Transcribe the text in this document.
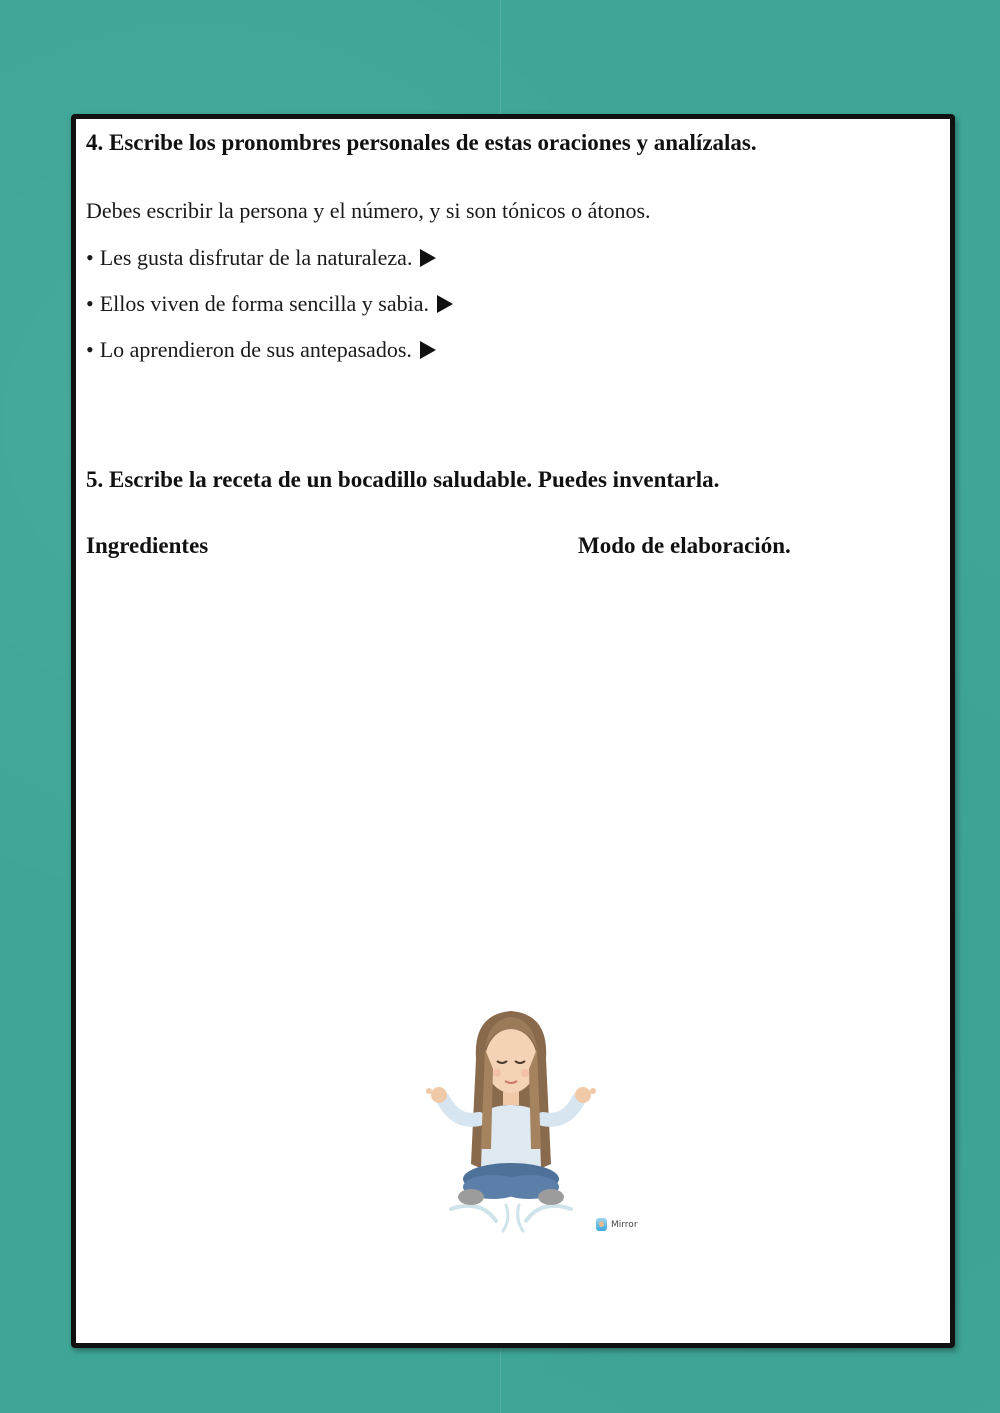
4. Escribe los pronombres personales de estas oraciones y analízalas.

Debes escribir la persona y el número, y si son tónicos o átonos.

• Les gusta disfrutar de la naturaleza.
• Ellos viven de forma sencilla y sabia.
• Lo aprendieron de sus antepasados.
5. Escribe la receta de un bocadillo saludable. Puedes inventarla.
Ingredientes	Modo de elaboración.
Mirror
